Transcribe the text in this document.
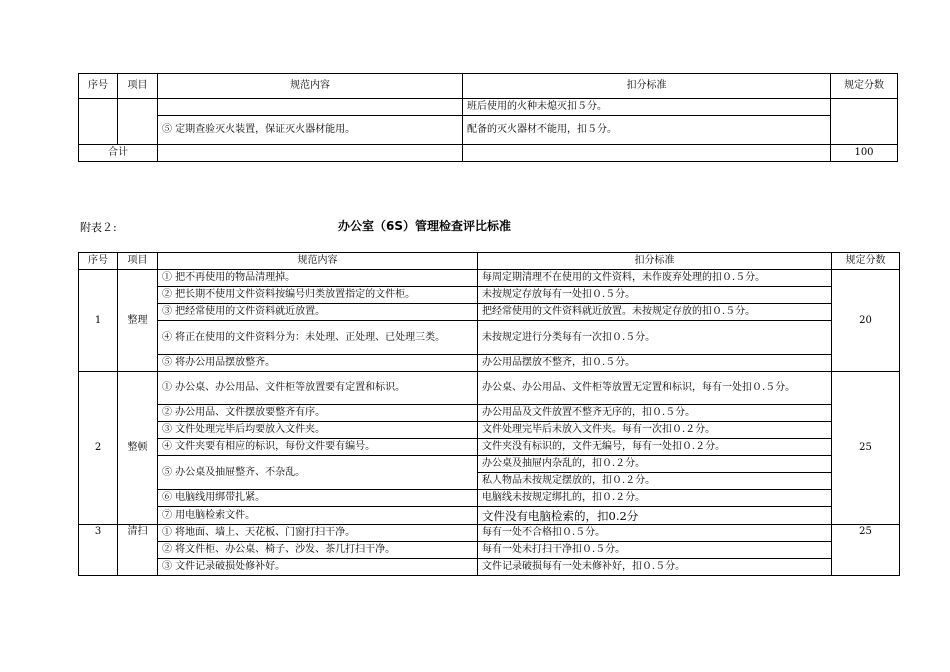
序号	项目	规范内容	扣分标准	规定分数
			班后使用的火种未熄灭扣５分。	
		⑤ 定期查验灭火装置，保证灭火器材能用。	配备的灭火器材不能用，扣５分。	
合计				100
附表２:	办公室（6S）管理检查评比标准
序号	项目	规范内容	扣分标准	规定分数
1	整理	① 把不再使用的物品清理掉。	每周定期清理不在使用的文件资料，未作废弃处理的扣０.５分。	20
		② 把长期不使用文件资料按编号归类放置指定的文件柜。	未按规定存放每有一处扣０.５分。	
		③ 把经常使用的文件资料就近放置。	把经常使用的文件资料就近放置。未按规定存放的扣０.５分。	
		④ 将正在使用的文件资料分为：未处理、正处理、已处理三类。	未按规定进行分类每有一次扣０.５分。	
		⑤ 将办公用品摆放整齐。	办公用品摆放不整齐，扣０.５分。	
2	整顿	① 办公桌、办公用品、文件柜等放置要有定置和标识。	办公桌、办公用品、文件柜等放置无定置和标识，每有一处扣０.５分。	25
		② 办公用品、文件摆放要整齐有序。	办公用品及文件放置不整齐无序的，扣０.５分。	
		③ 文件处理完毕后均要放入文件夹。	文件处理完毕后未放入文件夹。每有一次扣０.２分。	
		④ 文件夹要有相应的标识，每份文件要有编号。	文件夹没有标识的，文件无编号，每有一处扣０.２分。	
		⑤ 办公桌及抽屉整齐、不杂乱。	办公桌及抽屉内杂乱的，扣０.２分。	
			私人物品未按规定摆放的，扣０.２分。	
		⑥ 电脑线用绑带扎紧。	电脑线未按规定绑扎的，扣０.２分。	
		⑦ 用电脑检索文件。	文件没有电脑检索的，扣0.2分	
3	清扫	① 将地面、墙上、天花板、门窗打扫干净。	每有一处不合格扣０.５分。	25
		② 将文件柜、办公桌、椅子、沙发、茶几打扫干净。	每有一处未打扫干净扣０.５分。	
		③ 文件记录破损处修补好。	文件记录破损每有一处未修补好，扣０.５分。	
